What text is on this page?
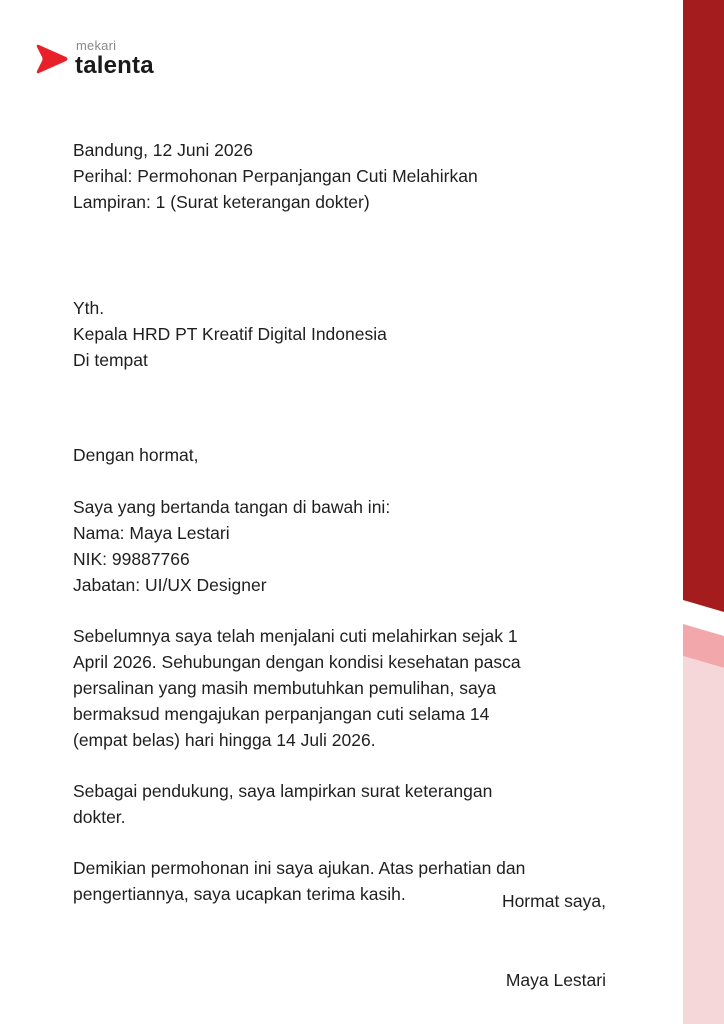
mekari
talenta
Bandung, 12 Juni 2026
Perihal: Permohonan Perpanjangan Cuti Melahirkan
Lampiran: 1 (Surat keterangan dokter)
Yth.
Kepala HRD PT Kreatif Digital Indonesia
Di tempat
Dengan hormat,
Saya yang bertanda tangan di bawah ini:
Nama: Maya Lestari
NIK: 99887766
Jabatan: UI/UX Designer
Sebelumnya saya telah menjalani cuti melahirkan sejak 1
April 2026. Sehubungan dengan kondisi kesehatan pasca
persalinan yang masih membutuhkan pemulihan, saya
bermaksud mengajukan perpanjangan cuti selama 14
(empat belas) hari hingga 14 Juli 2026.
Sebagai pendukung, saya lampirkan surat keterangan
dokter.
Demikian permohonan ini saya ajukan. Atas perhatian dan
pengertiannya, saya ucapkan terima kasih.	Hormat saya,
Maya Lestari
